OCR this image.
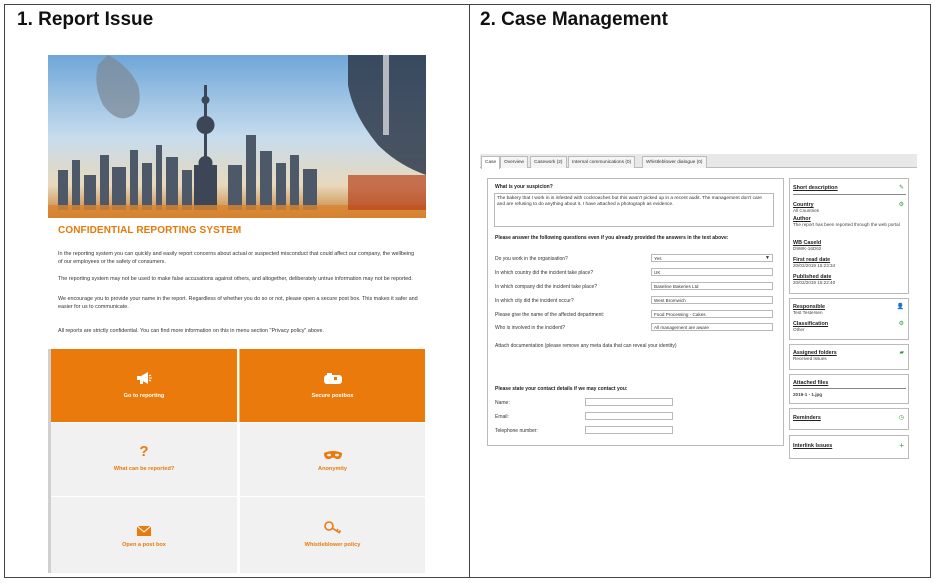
1. Report Issue	2. Case Management
CONFIDENTIAL REPORTING SYSTEM
In the reporting system you can quickly and easily report concerns about actual or suspected misconduct that could affect our company, the wellbeing of our employees or the safety of consumers.
The reporting system may not be used to make false accusations against others, and altogether, deliberately untrue information may not be reported.
We encourage you to provide your name in the report. Regardless of whether you do so or not, please open a secure post box. This makes it safer and easier for us to communicate.
All reports are strictly confidential. You can find more information on this in menu section "Privacy policy" above.
Go to reporting	Secure postbox
?
What can be reported?	Anonymity
Open a post box	Whistleblower policy
Case	Overview	Casework (2)	Internal communications (0)	Whistleblower dialogue (0)
What is your suspicion?
The bakery that I work in is infested with cockroaches but this wasn't picked up in a recent audit. The management don't care and are refusing to do anything about it. I have attached a photograph as evidence.
Please answer the following questions even if you already provided the answers in the text above:
Do you work in the organisation?	Yes	▼
In which country did the incident take place?	UK
In which company did the incident take place?	Baseline Bakeries Ltd
In which city did the incident occur?	West Bromwich
Please give the name of the affected department:	Food Processing - Cakes
Who is involved in the incident?	All management are aware
Attach documentation (please remove any meta data that can reveal your identity)
Please state your contact details if we may contact you:
Name:
Email:
Telephone number:
Short description	✎
Country
All Countries
⚙
Author
The report has been reported through the web portal
WB CaseId
D9WK-16D62
First read date
20/02/2019 15:23:34
Published date
20/02/2019 15:22:40
Responsible
Test Testersen
👤
Classification
Other
⚙
Assigned folders
Received Issues
▰
Attached files
2019-1 - 1.jpg
Reminders	◷
Interlink Issues	+
